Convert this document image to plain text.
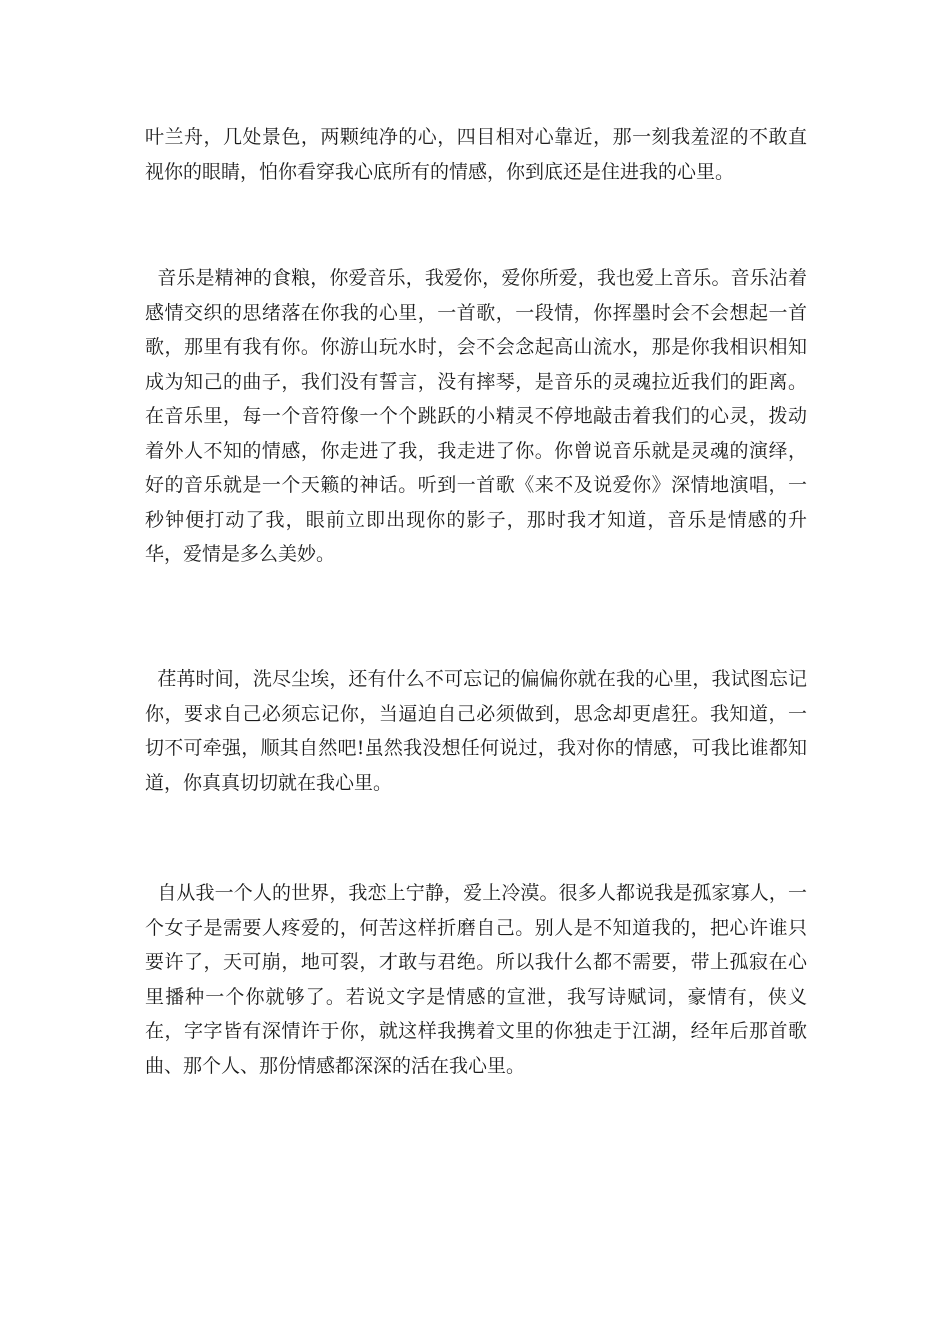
叶兰舟，几处景色，两颗纯净的心，四目相对心靠近，那一刻我羞涩的不敢直视你的眼睛，怕你看穿我心底所有的情感，你到底还是住进我的心里。

音乐是精神的食粮，你爱音乐，我爱你，爱你所爱，我也爱上音乐。音乐沾着感情交织的思绪落在你我的心里，一首歌，一段情，你挥墨时会不会想起一首歌，那里有我有你。你游山玩水时，会不会念起高山流水，那是你我相识相知成为知己的曲子，我们没有誓言，没有摔琴，是音乐的灵魂拉近我们的距离。在音乐里，每一个音符像一个个跳跃的小精灵不停地敲击着我们的心灵，拨动着外人不知的情感，你走进了我，我走进了你。你曾说音乐就是灵魂的演绎，好的音乐就是一个天籁的神话。听到一首歌《来不及说爱你》深情地演唱，一秒钟便打动了我，眼前立即出现你的影子，那时我才知道，音乐是情感的升华，爱情是多么美妙。

荏苒时间，洗尽尘埃，还有什么不可忘记的偏偏你就在我的心里，我试图忘记你，要求自己必须忘记你，当逼迫自己必须做到，思念却更虐狂。我知道，一切不可牵强，顺其自然吧!虽然我没想任何说过，我对你的情感，可我比谁都知道，你真真切切就在我心里。

自从我一个人的世界，我恋上宁静，爱上冷漠。很多人都说我是孤家寡人，一个女子是需要人疼爱的，何苦这样折磨自己。别人是不知道我的，把心许谁只要许了，天可崩，地可裂，才敢与君绝。所以我什么都不需要，带上孤寂在心里播种一个你就够了。若说文字是情感的宣泄，我写诗赋词，豪情有，侠义在，字字皆有深情许于你，就这样我携着文里的你独走于江湖，经年后那首歌曲、那个人、那份情感都深深的活在我心里。
